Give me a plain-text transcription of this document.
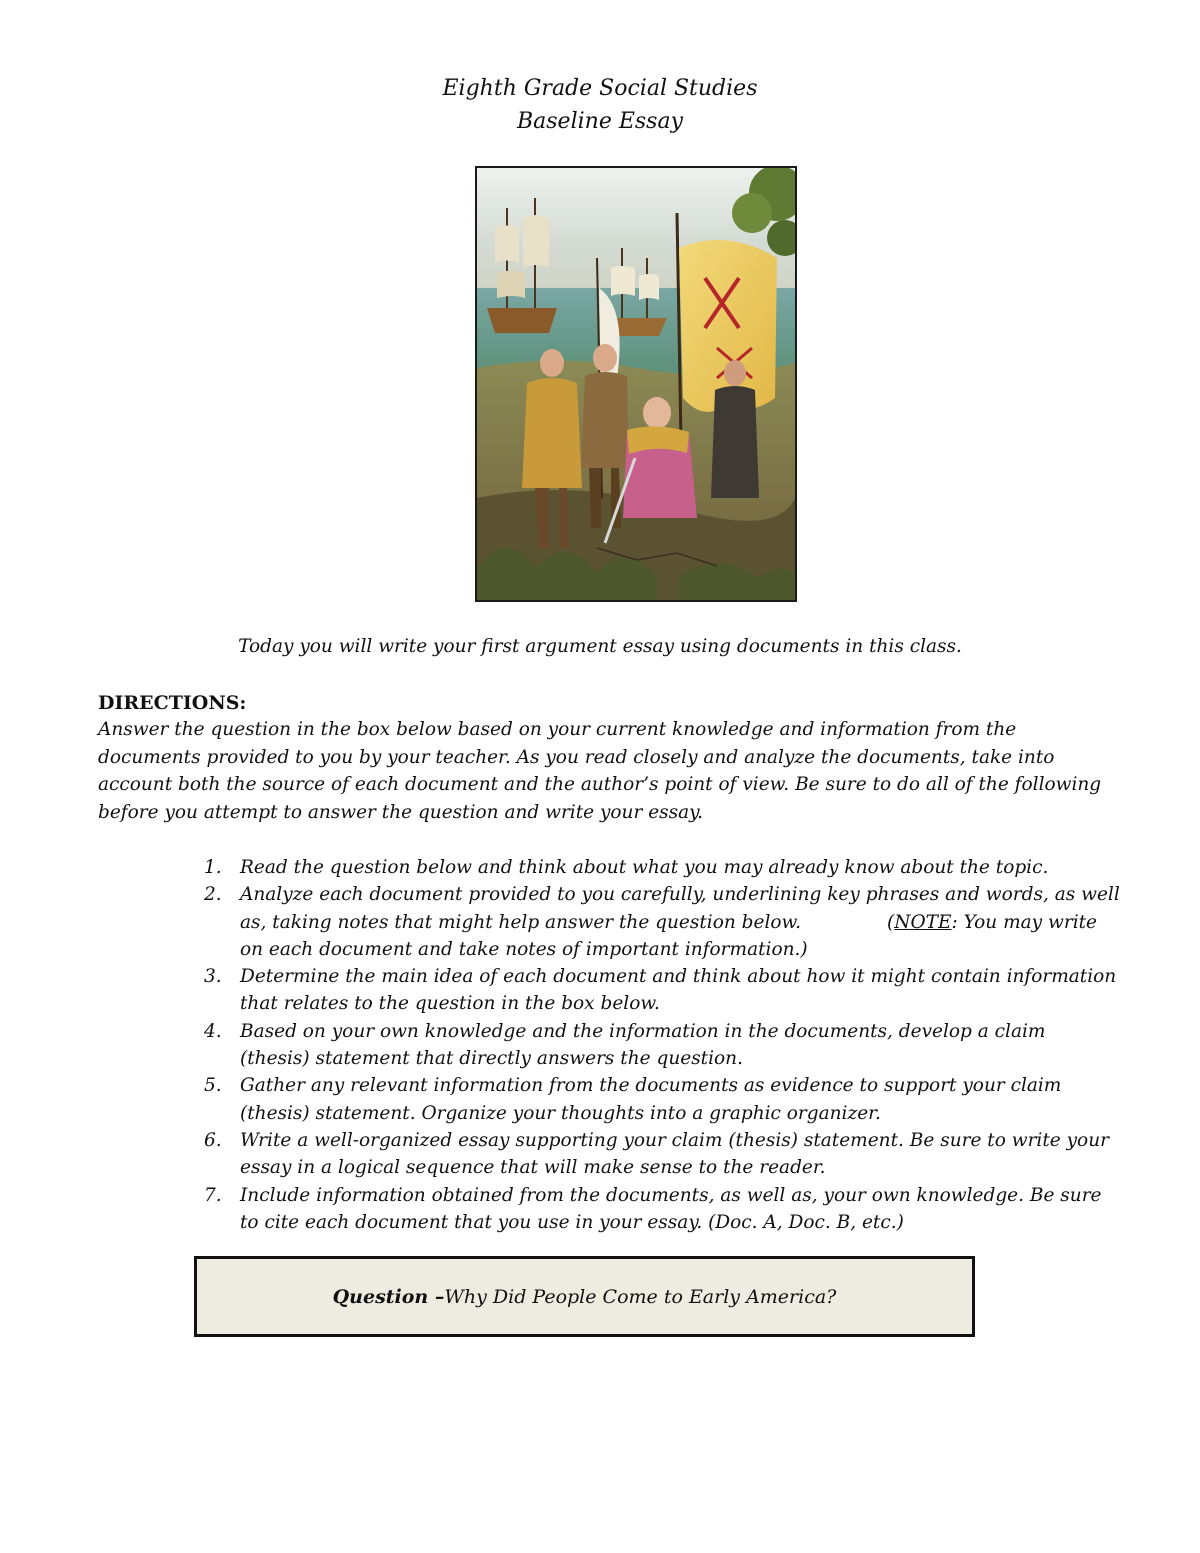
Eighth Grade Social Studies
Baseline Essay
Today you will write your first argument essay using documents in this class.
DIRECTIONS:

Answer the question in the box below based on your current knowledge and information from the documents provided to you by your teacher. As you read closely and analyze the documents, take into account both the source of each document and the author’s point of view. Be sure to do all of the following before you attempt to answer the question and write your essay.

1. Read the question below and think about what you may already know about the topic.
2. Analyze each document provided to you carefully, underlining key phrases and words, as well as, taking notes that might help answer the question below.	(NOTE: You may write on each document and take notes of important information.)
3. Determine the main idea of each document and think about how it might contain information that relates to the question in the box below.
4. Based on your own knowledge and the information in the documents, develop a claim (thesis) statement that directly answers the question.
5. Gather any relevant information from the documents as evidence to support your claim (thesis) statement. Organize your thoughts into a graphic organizer.
6. Write a well-organized essay supporting your claim (thesis) statement. Be sure to write your essay in a logical sequence that will make sense to the reader.
7. Include information obtained from the documents, as well as, your own knowledge. Be sure to cite each document that you use in your essay. (Doc. A, Doc. B, etc.)
Question – Why Did People Come to Early America?
